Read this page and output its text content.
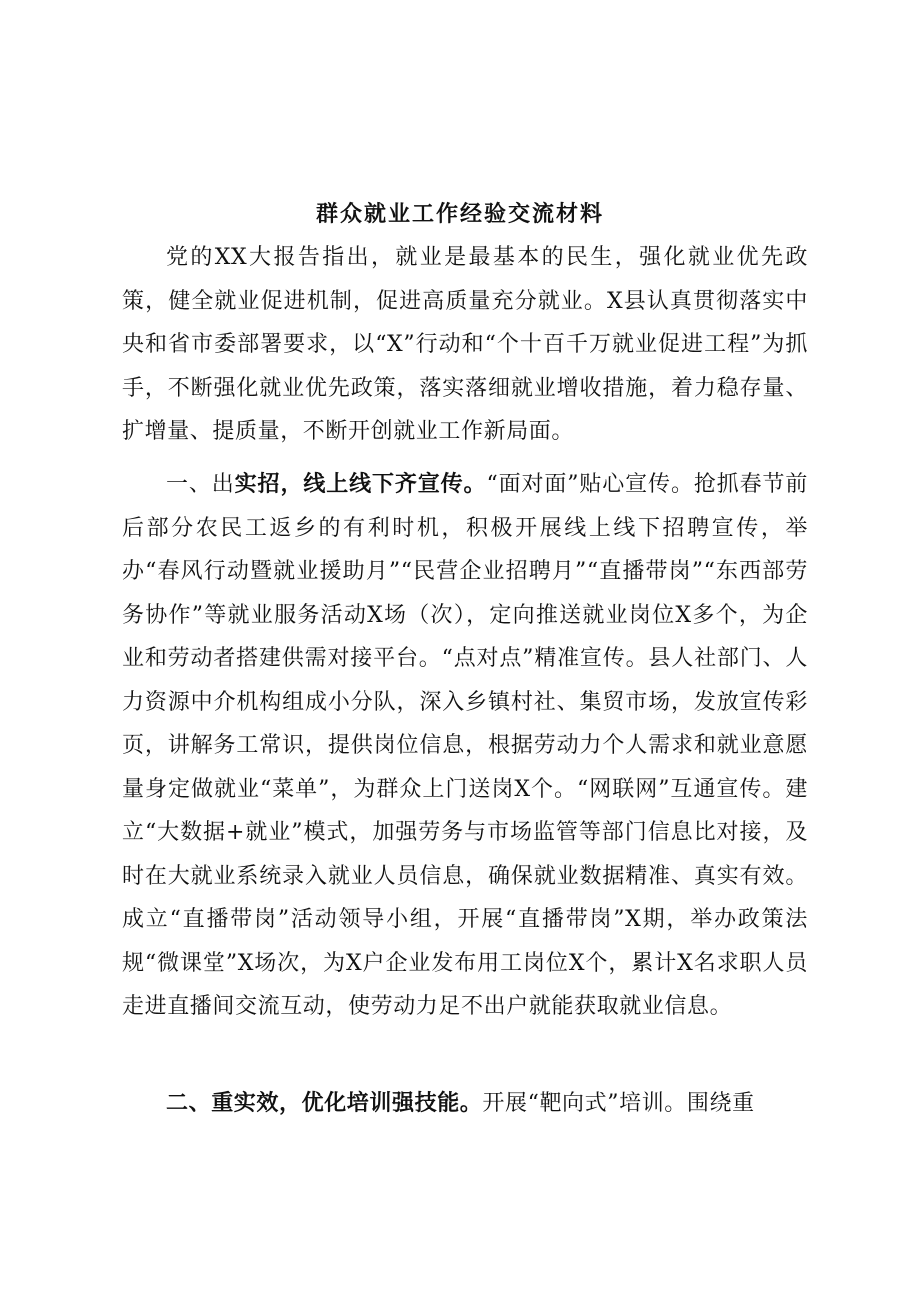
群众就业工作经验交流材料

党的XX大报告指出，就业是最基本的民生，强化就业优先政策，健全就业促进机制，促进高质量充分就业。X县认真贯彻落实中央和省市委部署要求，以“X”行动和“个十百千万就业促进工程”为抓手，不断强化就业优先政策，落实落细就业增收措施，着力稳存量、扩增量、提质量，不断开创就业工作新局面。

一、出实招，线上线下齐宣传。“面对面”贴心宣传。抢抓春节前后部分农民工返乡的有利时机，积极开展线上线下招聘宣传，举办“春风行动暨就业援助月”“民营企业招聘月”“直播带岗”“东西部劳务协作”等就业服务活动X场（次），定向推送就业岗位X多个，为企业和劳动者搭建供需对接平台。“点对点”精准宣传。县人社部门、人力资源中介机构组成小分队，深入乡镇村社、集贸市场，发放宣传彩页，讲解务工常识，提供岗位信息，根据劳动力个人需求和就业意愿量身定做就业“菜单”，为群众上门送岗X个。“网联网”互通宣传。建立“大数据+就业”模式，加强劳务与市场监管等部门信息比对接，及时在大就业系统录入就业人员信息，确保就业数据精准、真实有效。成立“直播带岗”活动领导小组，开展“直播带岗”X期，举办政策法规“微课堂”X场次，为X户企业发布用工岗位X个，累计X名求职人员走进直播间交流互动，使劳动力足不出户就能获取就业信息。

二、重实效，优化培训强技能。开展“靶向式”培训。围绕重
